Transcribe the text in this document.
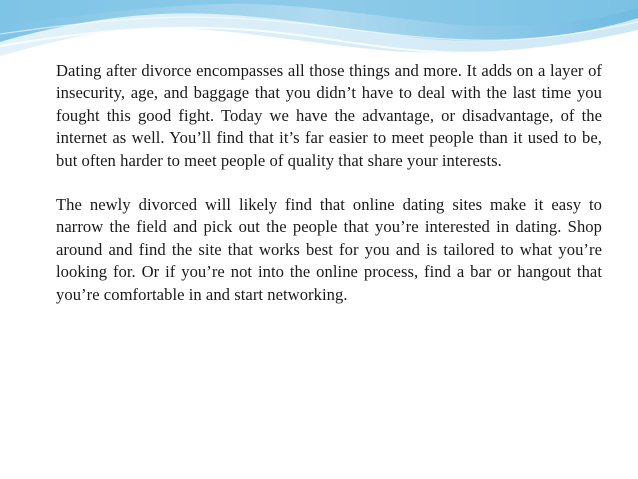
Dating after divorce encompasses all those things and more. It adds on a layer of insecurity, age, and baggage that you didn’t have to deal with the last time you fought this good fight. Today we have the advantage, or disadvantage, of the internet as well. You’ll find that it’s far easier to meet people than it used to be, but often harder to meet people of quality that share your interests.

The newly divorced will likely find that online dating sites make it easy to narrow the field and pick out the people that you’re interested in dating. Shop around and find the site that works best for you and is tailored to what you’re looking for. Or if you’re not into the online process, find a bar or hangout that you’re comfortable in and start networking.
